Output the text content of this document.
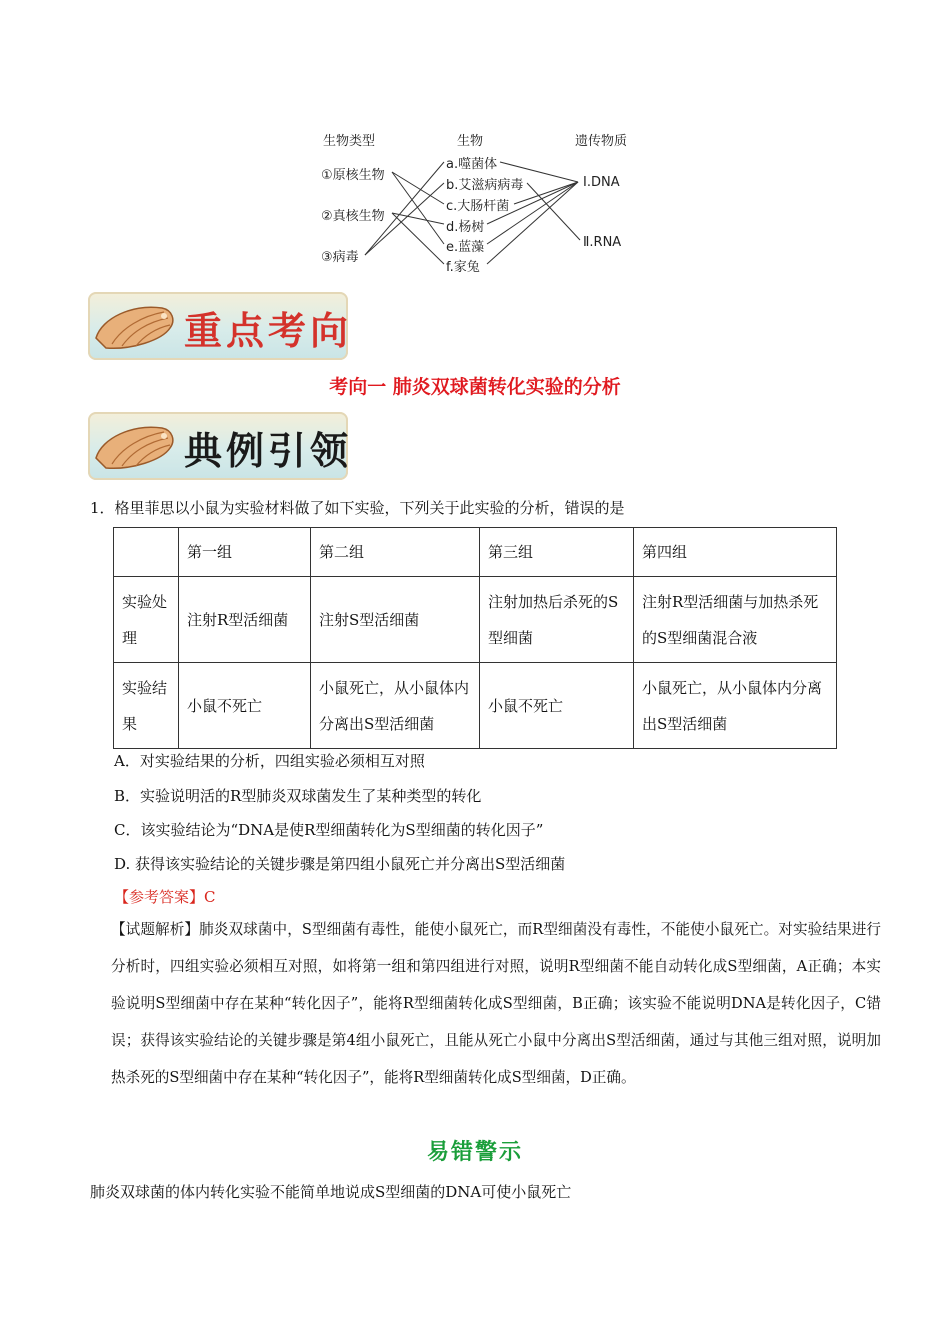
生物类型	生物	遗传物质
①原核生物
②真核生物
③病毒
a.噬菌体
b.艾滋病病毒
c.大肠杆菌
d.杨树
e.蓝藻
f.家兔
Ⅰ.DNA
Ⅱ.RNA
重点考向
考向一 肺炎双球菌转化实验的分析
典例引领
1．格里菲思以小鼠为实验材料做了如下实验，下列关于此实验的分析，错误的是
	第一组	第二组	第三组	第四组
实验处理	注射R型活细菌	注射S型活细菌	注射加热后杀死的S型细菌	注射R型活细菌与加热杀死的S型细菌混合液
实验结果	小鼠不死亡	小鼠死亡，从小鼠体内分离出S型活细菌	小鼠不死亡	小鼠死亡，从小鼠体内分离出S型活细菌
A．对实验结果的分析，四组实验必须相互对照
B．实验说明活的R型肺炎双球菌发生了某种类型的转化
C．该实验结论为“DNA是使R型细菌转化为S型细菌的转化因子”
D. 获得该实验结论的关键步骤是第四组小鼠死亡并分离出S型活细菌
【参考答案】C
【试题解析】肺炎双球菌中，S型细菌有毒性，能使小鼠死亡，而R型细菌没有毒性，不能使小鼠死亡。对实验结果进行分析时，四组实验必须相互对照，如将第一组和第四组进行对照，说明R型细菌不能自动转化成S型细菌，A正确；本实验说明S型细菌中存在某种“转化因子”，能将R型细菌转化成S型细菌，B正确；该实验不能说明DNA是转化因子，C错误；获得该实验结论的关键步骤是第4组小鼠死亡，且能从死亡小鼠中分离出S型活细菌，通过与其他三组对照，说明加热杀死的S型细菌中存在某种“转化因子”，能将R型细菌转化成S型细菌，D正确。
易错警示
肺炎双球菌的体内转化实验不能简单地说成S型细菌的DNA可使小鼠死亡
